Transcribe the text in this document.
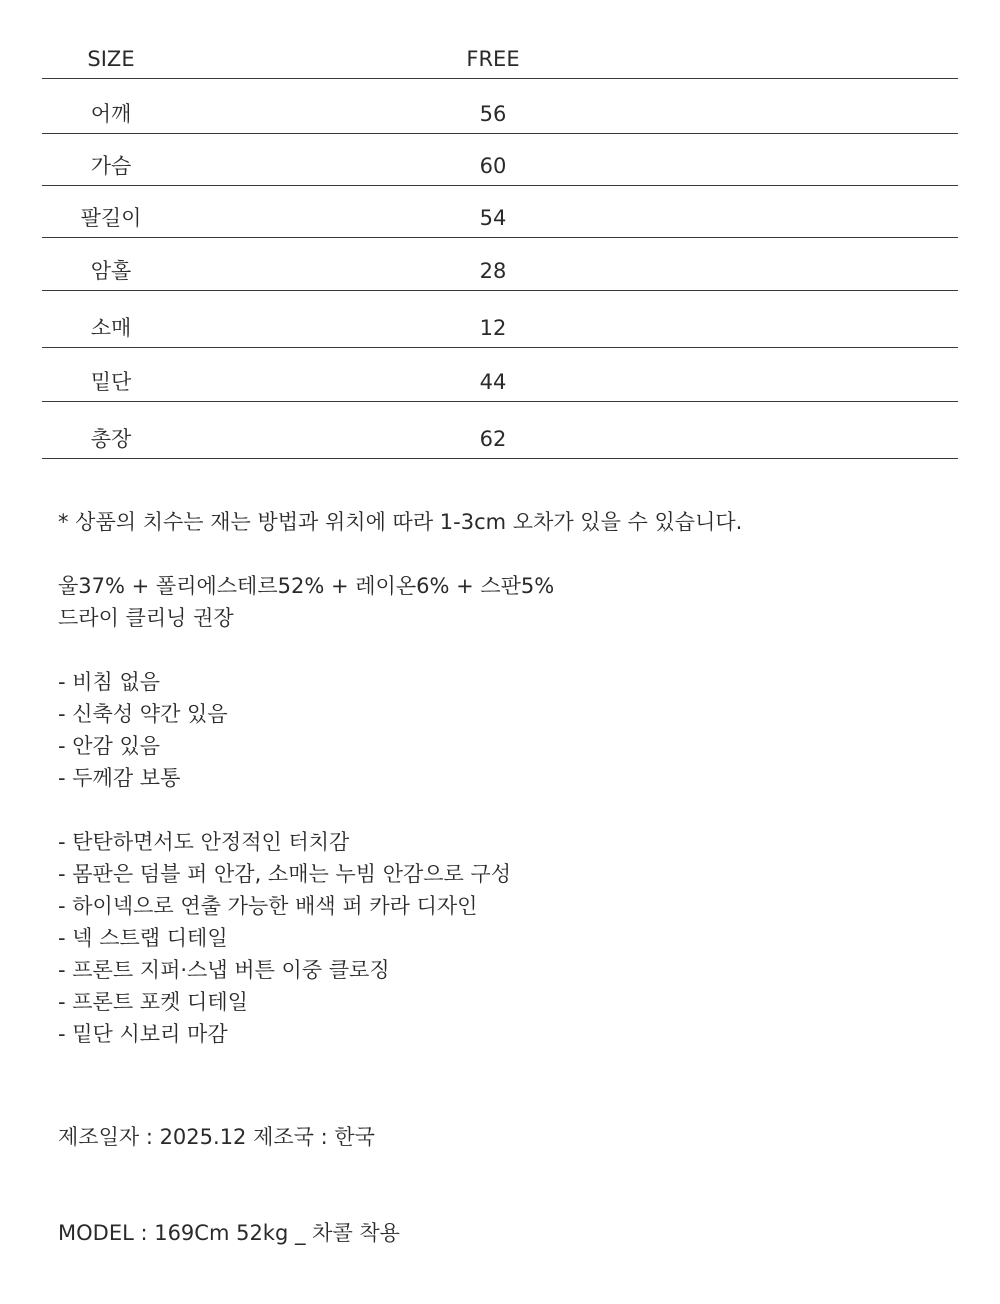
SIZE	FREE
어깨	56
가슴	60
팔길이	54
암홀	28
소매	12
밑단	44
총장	62
* 상품의 치수는 재는 방법과 위치에 따라 1-3cm 오차가 있을 수 있습니다.
울37% + 폴리에스테르52% + 레이온6% + 스판5%
드라이 클리닝 권장
- 비침 없음
- 신축성 약간 있음
- 안감 있음
- 두께감 보통
- 탄탄하면서도 안정적인 터치감
- 몸판은 덤블 퍼 안감, 소매는 누빔 안감으로 구성
- 하이넥으로 연출 가능한 배색 퍼 카라 디자인
- 넥 스트랩 디테일
- 프론트 지퍼·스냅 버튼 이중 클로징
- 프론트 포켓 디테일
- 밑단 시보리 마감
제조일자 : 2025.12 제조국 : 한국
MODEL : 169Cm 52kg _ 차콜 착용
